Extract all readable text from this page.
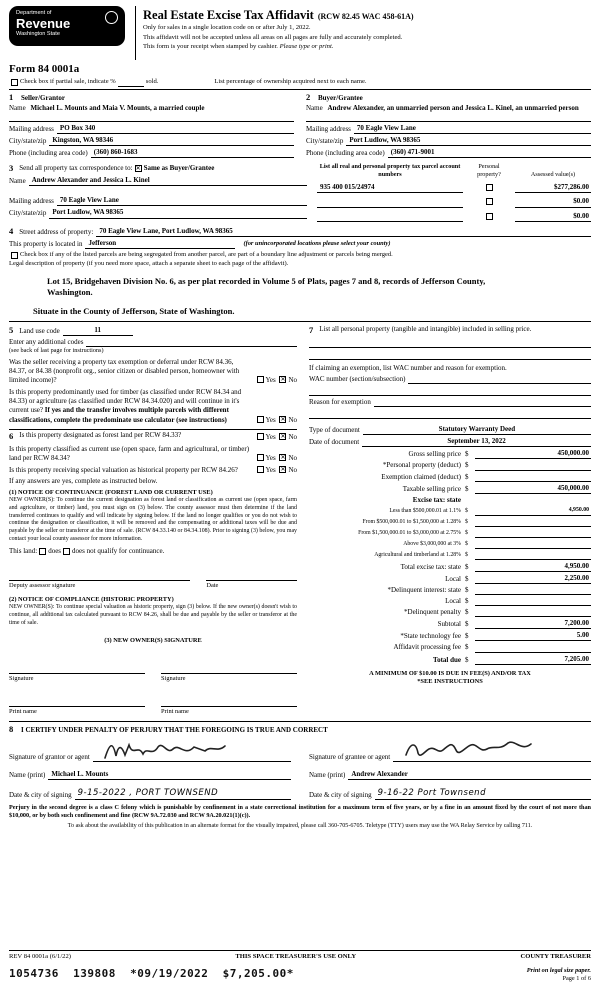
Department of
Revenue
Washington State
Real Estate Excise Tax Affidavit (RCW 82.45 WAC 458-61A)
Only for sales in a single location code on or after July 1, 2022.
This affidavit will not be accepted unless all areas on all pages are fully and accurately completed.
This form is your receipt when stamped by cashier. Please type or print.
Form 84 0001a
Check box if partial sale, indicate %	sold.	List percentage of ownership acquired next to each name.
1 Seller/Grantor
Name Michael L. Mounts and Maia V. Mounts, a married couple
Mailing address PO Box 340
City/state/zip Kingston, WA 98346
Phone (including area code) (360) 860-1683
2 Buyer/Grantee
Name Andrew Alexander, an unmarried person and Jessica L. Kinel, an unmarried person
Mailing address 70 Eagle View Lane
City/state/zip Port Ludlow, WA 98365
Phone (including area code) (360) 471-9001
3 Send all property tax correspondence to: ✕ Same as Buyer/Grantee
Name Andrew Alexander and Jessica L. Kinel
Mailing address 70 Eagle View Lane
City/state/zip Port Ludlow, WA 98365
List all real and personal property tax parcel account numbers
Personal property?	Assessed value(s)
935 400 015/24974	$277,286.00
$0.00
$0.00
4 Street address of property: 70 Eagle View Lane, Port Ludlow, WA 98365
This property is located in Jefferson	(for unincorporated locations please select your county)
Check box if any of the listed parcels are being segregated from another parcel, are part of a boundary line adjustment or parcels being merged.
Legal description of property (if you need more space, attach a separate sheet to each page of the affidavit).
Lot 15, Bridgehaven Division No. 6, as per plat recorded in Volume 5 of Plats, pages 7 and 8, records of Jefferson County, Washington.
Situate in the County of Jefferson, State of Washington.
5 Land use code	11
Enter any additional codes
(see back of last page for instructions)
Was the seller receiving a property tax exemption or deferral under RCW 84.36, 84.37, or 84.38 (nonprofit org., senior citizen or disabled person, homeowner with limited income)?	Yes ✕ No
Is this property predominantly used for timber (as classified under RCW 84.34 and 84.33) or agriculture (as classified under RCW 84.34.020) and will continue in it's current use? If yes and the transfer involves multiple parcels with different classifications, complete the predominate use calculator (see instructions)	Yes ✕ No
6 Is this property designated as forest land per RCW 84.33?	Yes ✕ No
Is this property classified as current use (open space, farm and agricultural, or timber) land per RCW 84.34?	Yes ✕ No
Is this property receiving special valuation as historical property per RCW 84.26?	Yes ✕ No
If any answers are yes, complete as instructed below.
(1) NOTICE OF CONTINUANCE (FOREST LAND OR CURRENT USE)
NEW OWNER(S): To continue the current designation as forest land or classification as current use (open space, farm and agriculture, or timber) land, you must sign on (3) below. The county assessor must then determine if the land transferred continues to qualify and will indicate by signing below. If the land no longer qualifies or you do not wish to continue the designation or classification, it will be removed and the compensating or additional taxes will be due and payable by the seller or transferor at the time of sale. (RCW 84.33.140 or 84.34.108). Prior to signing (3) below, you may contact your local county assessor for more information.
This land: does does not qualify for continuance.
Deputy assessor signature	Date
(2) NOTICE OF COMPLIANCE (HISTORIC PROPERTY)
NEW OWNER(S): To continue special valuation as historic property, sign (3) below. If the new owner(s) doesn't wish to continue, all additional tax calculated pursuant to RCW 84.26, shall be due and payable by the seller or transferor at the time of sale.
(3) NEW OWNER(S) SIGNATURE
Signature	Signature
Print name	Print name
7 List all personal property (tangible and intangible) included in selling price.
If claiming an exemption, list WAC number and reason for exemption.
WAC number (section/subsection)
Reason for exemption
Type of document	Statutory Warranty Deed
Date of document	September 13, 2022
Gross selling price $	450,000.00
*Personal property (deduct) $
Exemption claimed (deduct) $
Taxable selling price $	450,000.00
Excise tax: state
Less than $500,000.01 at 1.1% $	4,950.00
From $500,000.01 to $1,500,000 at 1.28% $
From $1,500,000.01 to $3,000,000 at 2.75% $
Above $3,000,000 at 3% $
Agricultural and timberland at 1.28% $
Total excise tax: state $	4,950.00
Local $	2,250.00
*Delinquent interest: state $
Local $
*Delinquent penalty $
Subtotal $	7,200.00
*State technology fee $	5.00
Affidavit processing fee $
Total due $	7,205.00
A MINIMUM OF $10.00 IS DUE IN FEE(S) AND/OR TAX
*SEE INSTRUCTIONS
8 I CERTIFY UNDER PENALTY OF PERJURY THAT THE FOREGOING IS TRUE AND CORRECT
Signature of grantor or agent	Signature of grantee or agent
Name (print) Michael L. Mounts	Name (print) Andrew Alexander
Date & city of signing 9-15-2022 , PORT TOWNSEND	Date & city of signing 9-16-22 Port Townsend
Perjury in the second degree is a class C felony which is punishable by confinement in a state correctional institution for a maximum term of five years, or by a fine in an amount fixed by the court of not more than $10,000, or by both such confinement and fine (RCW 9A.72.030 and RCW 9A.20.021(1)(c)).
To ask about the availability of this publication in an alternate format for the visually impaired, please call 360-705-6705. Teletype (TTY) users may use the WA Relay Service by calling 711.
REV 84 0001a (6/1/22)	THIS SPACE TREASURER'S USE ONLY	COUNTY TREASURER
1054736  139808  *09/19/2022  $7,205.00*	Print on legal size paper.
Page 1 of 6
